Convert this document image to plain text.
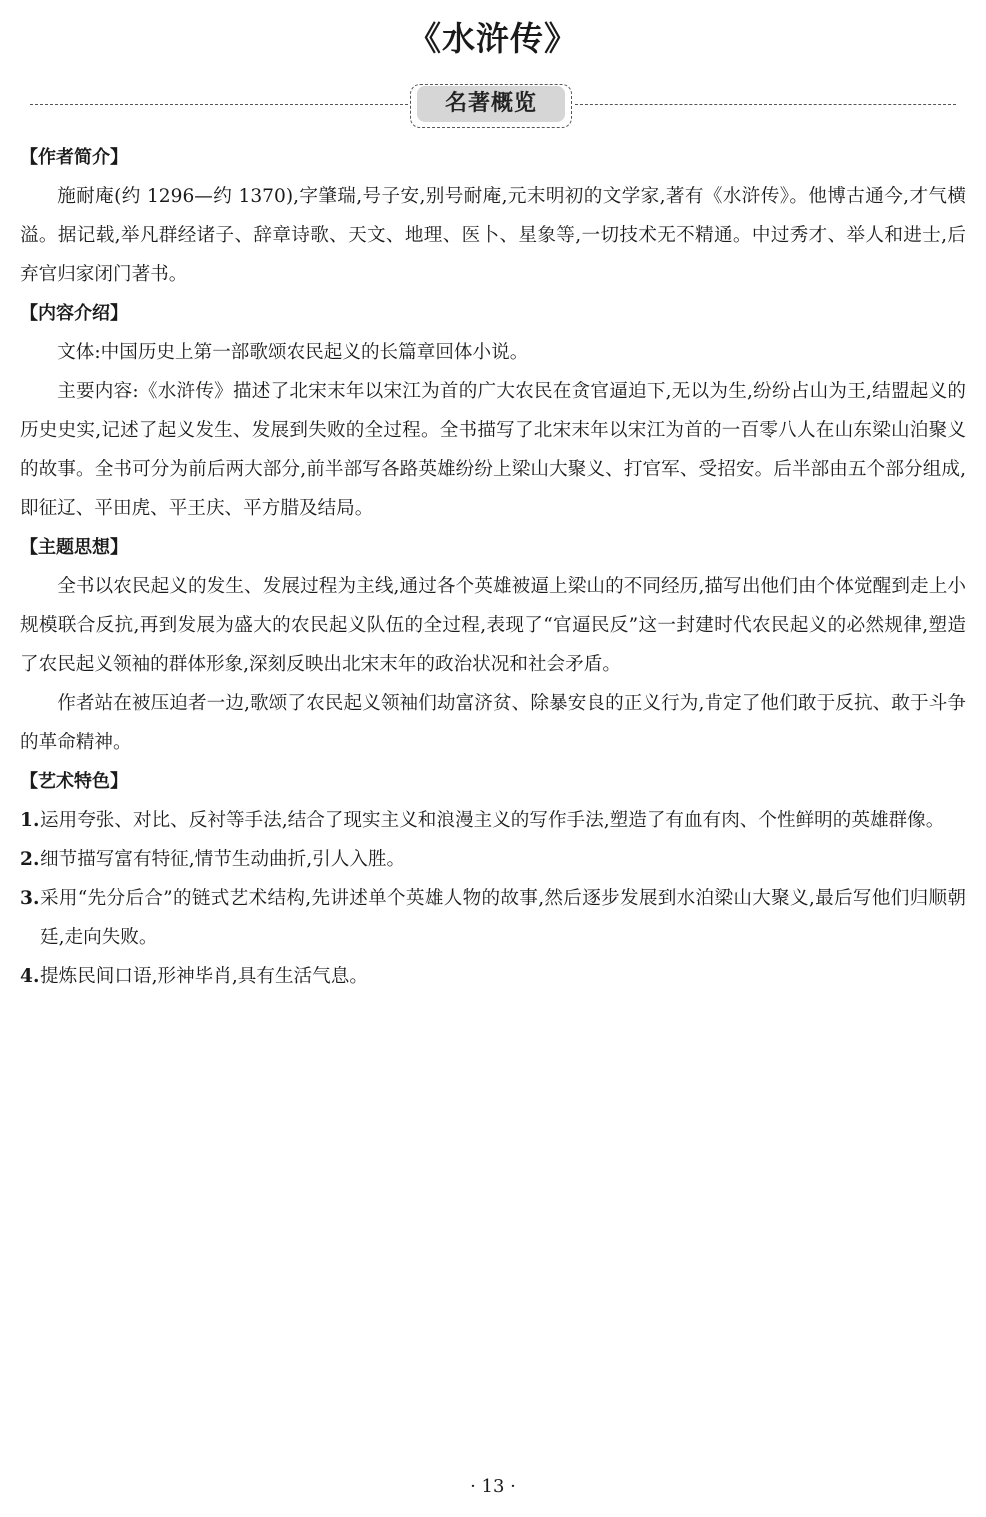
《水浒传》
名著概览
【作者简介】

施耐庵(约 1296—约 1370),字肇瑞,号子安,别号耐庵,元末明初的文学家,著有《水浒传》。他博古通今,才气横溢。据记载,举凡群经诸子、辞章诗歌、天文、地理、医卜、星象等,一切技术无不精通。中过秀才、举人和进士,后弃官归家闭门著书。

【内容介绍】

文体:中国历史上第一部歌颂农民起义的长篇章回体小说。

主要内容:《水浒传》描述了北宋末年以宋江为首的广大农民在贪官逼迫下,无以为生,纷纷占山为王,结盟起义的历史史实,记述了起义发生、发展到失败的全过程。全书描写了北宋末年以宋江为首的一百零八人在山东梁山泊聚义的故事。全书可分为前后两大部分,前半部写各路英雄纷纷上梁山大聚义、打官军、受招安。后半部由五个部分组成,即征辽、平田虎、平王庆、平方腊及结局。

【主题思想】

全书以农民起义的发生、发展过程为主线,通过各个英雄被逼上梁山的不同经历,描写出他们由个体觉醒到走上小规模联合反抗,再到发展为盛大的农民起义队伍的全过程,表现了“官逼民反”这一封建时代农民起义的必然规律,塑造了农民起义领袖的群体形象,深刻反映出北宋末年的政治状况和社会矛盾。

作者站在被压迫者一边,歌颂了农民起义领袖们劫富济贫、除暴安良的正义行为,肯定了他们敢于反抗、敢于斗争的革命精神。

【艺术特色】
1. 运用夸张、对比、反衬等手法,结合了现实主义和浪漫主义的写作手法,塑造了有血有肉、个性鲜明的英雄群像。
2. 细节描写富有特征,情节生动曲折,引人入胜。
3. 采用“先分后合”的链式艺术结构,先讲述单个英雄人物的故事,然后逐步发展到水泊梁山大聚义,最后写他们归顺朝廷,走向失败。
4. 提炼民间口语,形神毕肖,具有生活气息。
· 13 ·
